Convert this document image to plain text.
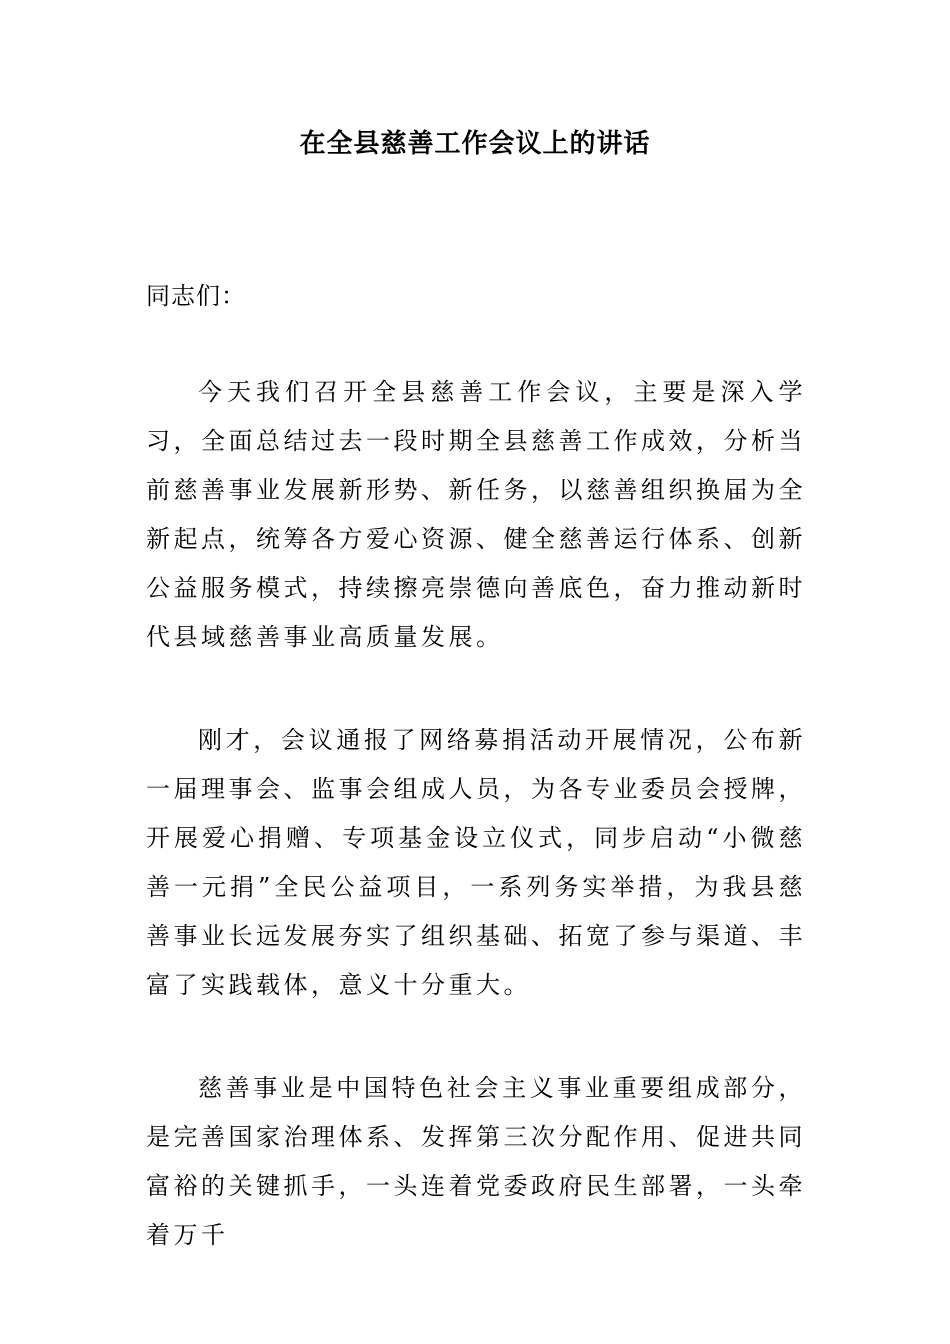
在全县慈善工作会议上的讲话
同志们：
今天我们召开全县慈善工作会议，主要是深入学习，全面总结过去一段时期全县慈善工作成效，分析当前慈善事业发展新形势、新任务，以慈善组织换届为全新起点，统筹各方爱心资源、健全慈善运行体系、创新公益服务模式，持续擦亮崇德向善底色，奋力推动新时代县域慈善事业高质量发展。
刚才，会议通报了网络募捐活动开展情况，公布新一届理事会、监事会组成人员，为各专业委员会授牌，开展爱心捐赠、专项基金设立仪式，同步启动“小微慈善一元捐”全民公益项目，一系列务实举措，为我县慈善事业长远发展夯实了组织基础、拓宽了参与渠道、丰富了实践载体，意义十分重大。
慈善事业是中国特色社会主义事业重要组成部分，是完善国家治理体系、发挥第三次分配作用、促进共同富裕的关键抓手，一头连着党委政府民生部署，一头牵着万千
